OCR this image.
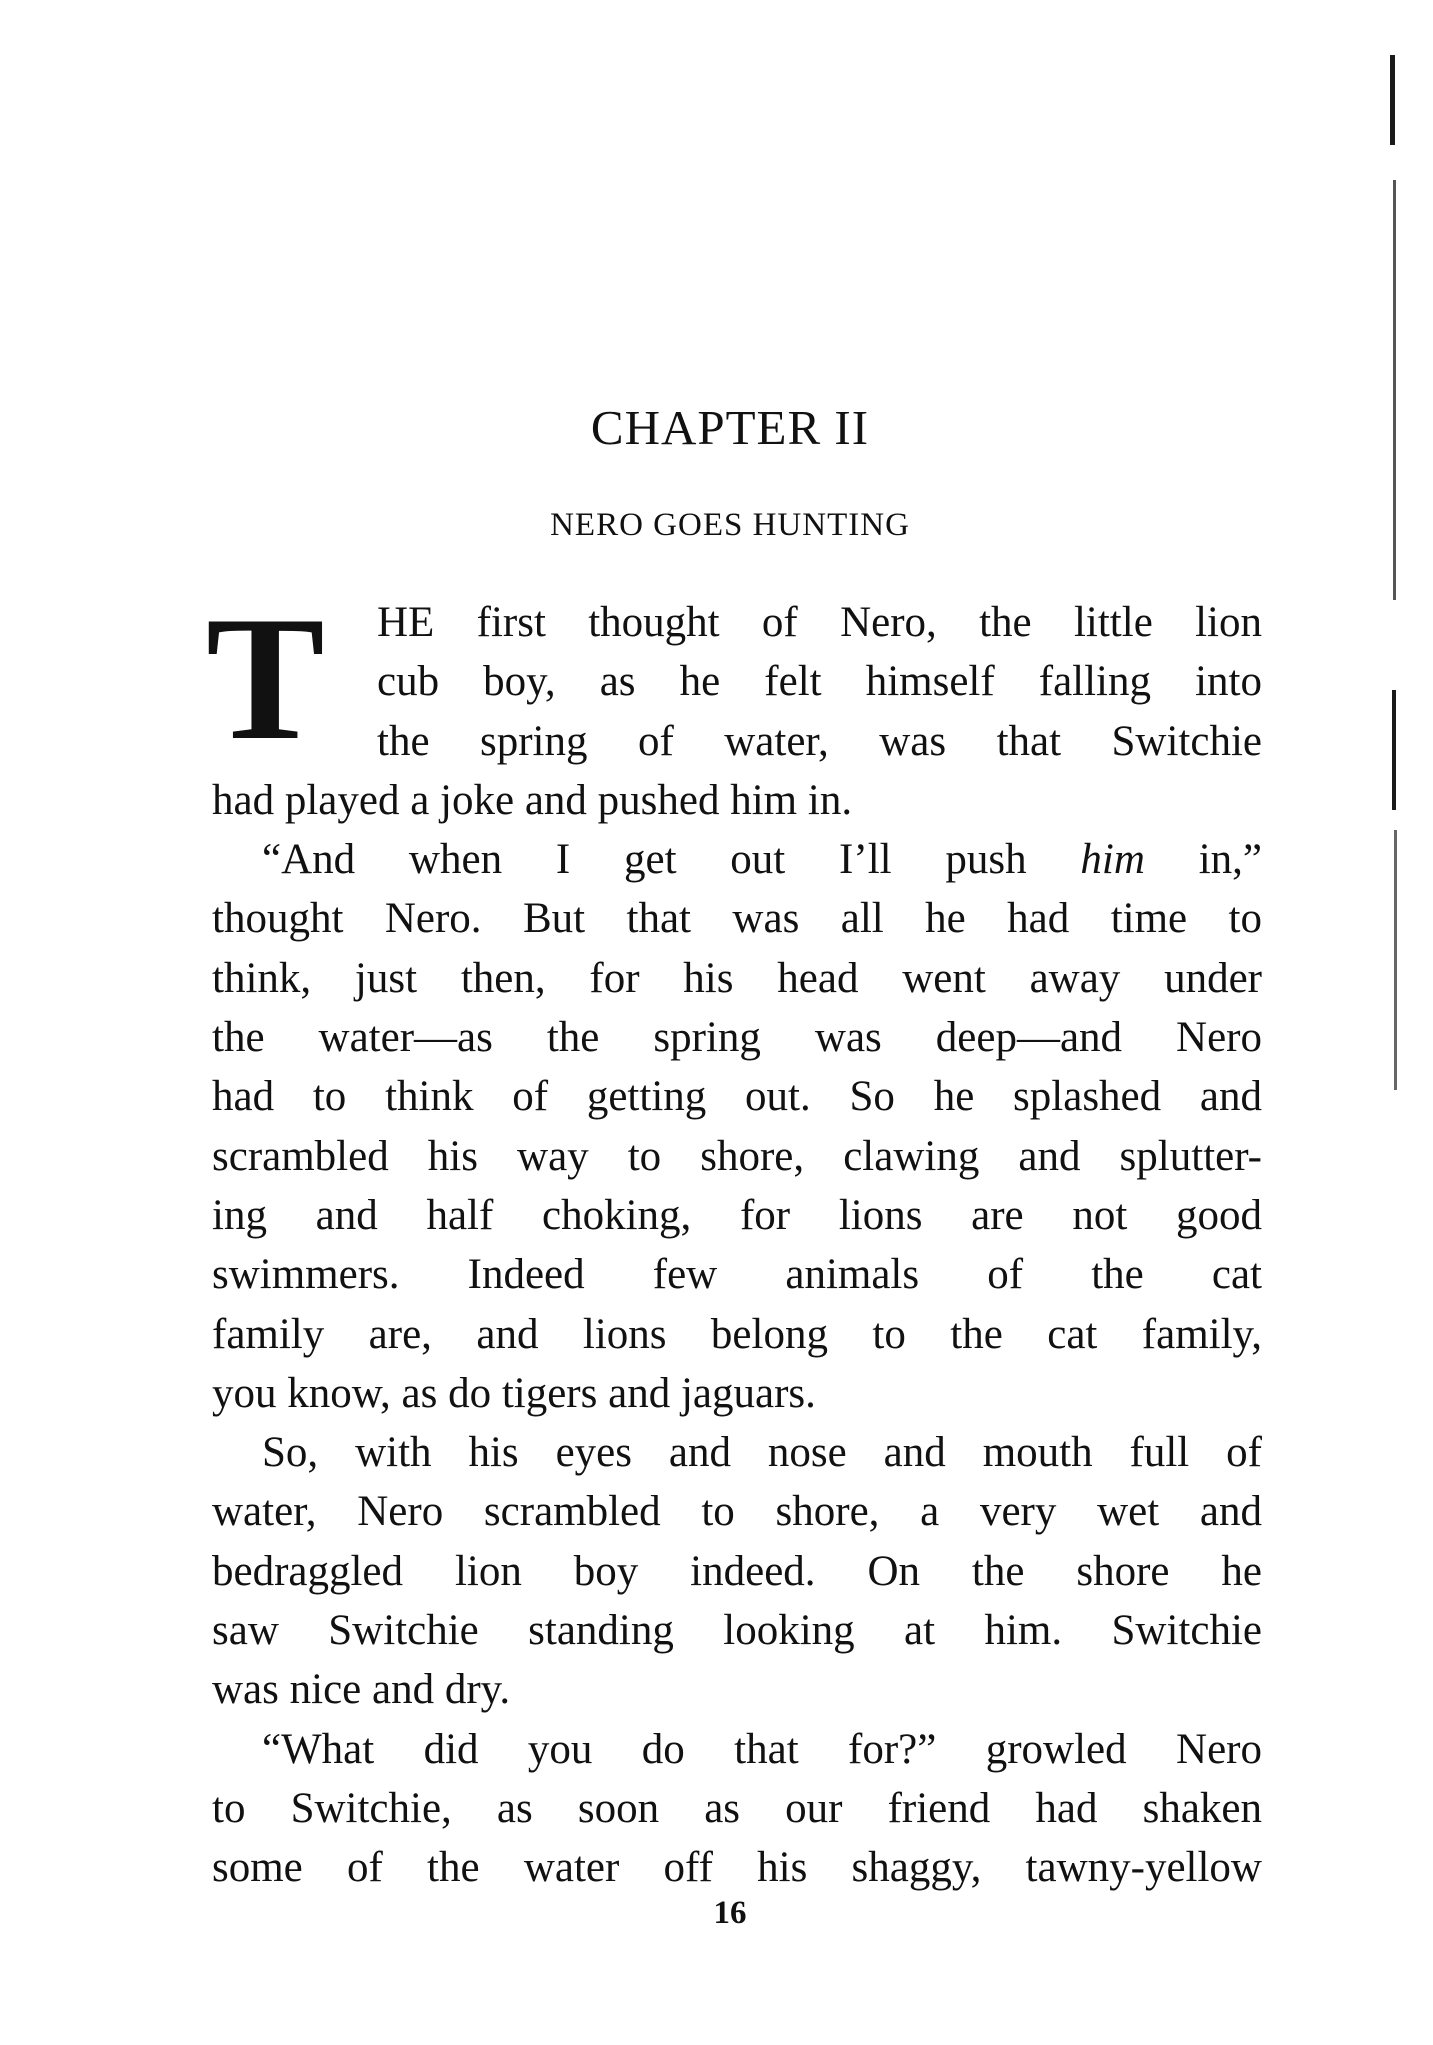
CHAPTER II
NERO GOES HUNTING
T	HE first thought of Nero, the little lion
cub boy, as he felt himself falling into
the spring of water, was that Switchie
had played a joke and pushed him in.
“And when I get out I’ll push him in,”
thought Nero. But that was all he had time to
think, just then, for his head went away under
the water—as the spring was deep—and Nero
had to think of getting out. So he splashed and
scrambled his way to shore, clawing and splutter-
ing and half choking, for lions are not good
swimmers. Indeed few animals of the cat
family are, and lions belong to the cat family,
you know, as do tigers and jaguars.
So, with his eyes and nose and mouth full of
water, Nero scrambled to shore, a very wet and
bedraggled lion boy indeed. On the shore he
saw Switchie standing looking at him. Switchie
was nice and dry.
“What did you do that for?” growled Nero
to Switchie, as soon as our friend had shaken
some of the water off his shaggy, tawny-yellow
16
